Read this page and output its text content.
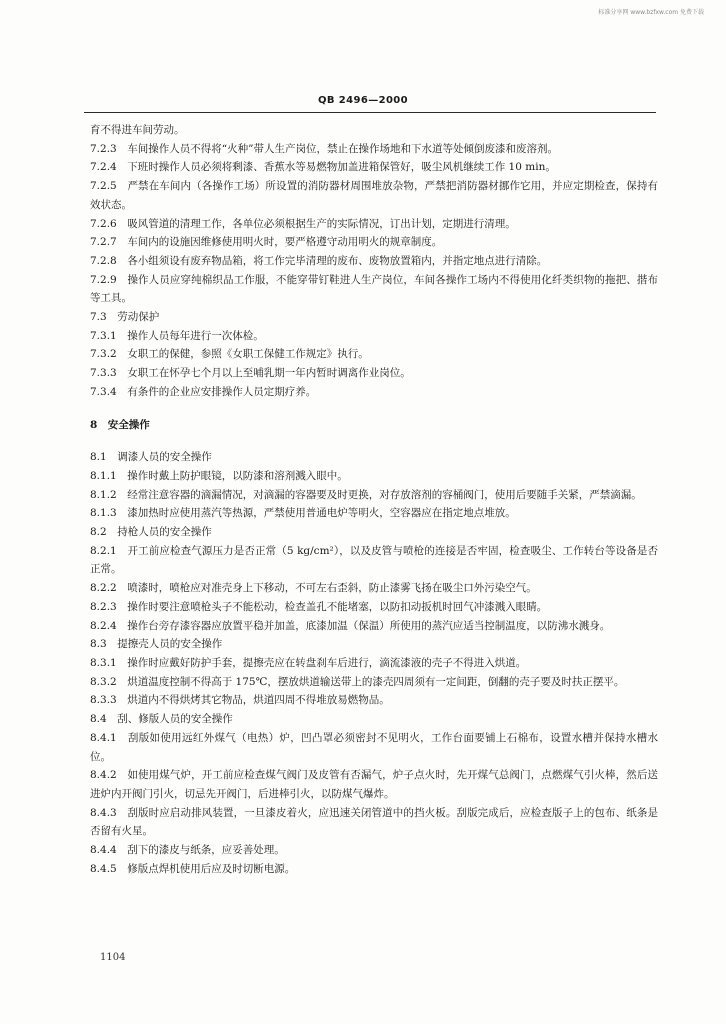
标准分享网 www.bzfxw.com 免费下载
QB 2496—2000

育不得进车间劳动。

7.2.3　车间操作人员不得将“火种”带人生产岗位，禁止在操作场地和下水道等处倾倒废漆和废溶剂。

7.2.4　下班时操作人员必须将剩漆、香蕉水等易燃物加盖进箱保管好，吸尘风机继续工作 10 min。

7.2.5　严禁在车间内（各操作工场）所设置的消防器材周围堆放杂物，严禁把消防器材挪作它用，并应定期检查，保持有效状态。

7.2.6　吸风管道的清理工作，各单位必须根据生产的实际情况，订出计划，定期进行清理。

7.2.7　车间内的设施因维修使用明火时，要严格遵守动用明火的规章制度。

7.2.8　各小组须设有废弃物品箱，将工作完毕清理的废布、废物放置箱内，并指定地点进行清除。

7.2.9　操作人员应穿纯棉织品工作服，不能穿带钉鞋进人生产岗位，车间各操作工场内不得使用化纤类织物的拖把、揩布等工具。

7.3　劳动保护

7.3.1　操作人员每年进行一次体检。

7.3.2　女职工的保健，参照《女职工保健工作规定》执行。

7.3.3　女职工在怀孕七个月以上至哺乳期一年内暂时调离作业岗位。

7.3.4　有条件的企业应安排操作人员定期疗养。

8　安全操作

8.1　调漆人员的安全操作

8.1.1　操作时戴上防护眼镜，以防漆和溶剂溅入眼中。

8.1.2　经常注意容器的滴漏情况，对滴漏的容器要及时更换，对存放溶剂的容桶阀门，使用后要随手关紧，严禁滴漏。

8.1.3　漆加热时应使用蒸汽等热源，严禁使用普通电炉等明火，空容器应在指定地点堆放。

8.2　持枪人员的安全操作

8.2.1　开工前应检查气源压力是否正常（5 kg/cm²），以及皮管与喷枪的连接是否牢固，检查吸尘、工作转台等设备是否正常。

8.2.2　喷漆时，喷枪应对准壳身上下移动，不可左右歪斜，防止漆雾飞扬在吸尘口外污染空气。

8.2.3　操作时要注意喷枪头子不能松动，检查盖孔不能堵塞，以防扣动扳机时回气冲漆溅入眼睛。

8.2.4　操作台旁存漆容器应放置平稳并加盖，底漆加温（保温）所使用的蒸汽应适当控制温度，以防沸水溅身。

8.3　提擦壳人员的安全操作

8.3.1　操作时应戴好防护手套，提擦壳应在转盘刹车后进行，滴流漆液的壳子不得进入烘道。

8.3.2　烘道温度控制不得高于 175℃，摆放烘道输送带上的漆壳四周须有一定间距，倒翻的壳子要及时扶正摆平。

8.3.3　烘道内不得烘烤其它物品，烘道四周不得堆放易燃物品。

8.4　刮、修版人员的安全操作

8.4.1　刮版如使用远红外煤气（电热）炉，凹凸罩必须密封不见明火，工作台面要铺上石棉布，设置水槽并保持水槽水位。

8.4.2　如使用煤气炉，开工前应检查煤气阀门及皮管有否漏气，炉子点火时，先开煤气总阀门，点燃煤气引火棒，然后送进炉内开阀门引火，切忌先开阀门，后进棒引火，以防煤气爆炸。

8.4.3　刮版时应启动排风装置，一旦漆皮着火，应迅速关闭管道中的挡火板。刮版完成后，应检查版子上的包布、纸条是否留有火星。

8.4.4　刮下的漆皮与纸条，应妥善处理。

8.4.5　修版点焊机使用后应及时切断电源。

1104
